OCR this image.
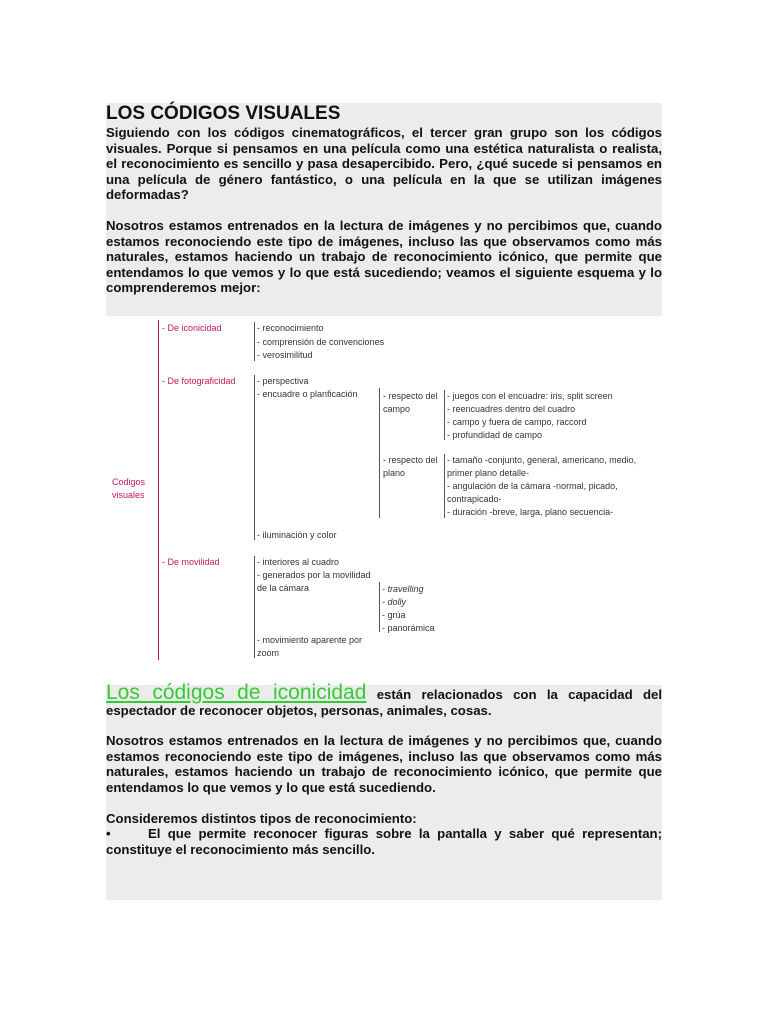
LOS CÓDIGOS VISUALES

Siguiendo con los códigos cinematográficos, el tercer gran grupo son los códigos visuales. Porque si pensamos en una película como una estética naturalista o realista, el reconocimiento es sencillo y pasa desapercibido. Pero, ¿qué sucede si pensamos en una película de género fantástico, o una película en la que se utilizan imágenes deformadas?

Nosotros estamos entrenados en la lectura de imágenes y no percibimos que, cuando estamos reconociendo este tipo de imágenes, incluso las que observamos como más naturales, estamos haciendo un trabajo de reconocimiento icónico, que permite que entendamos lo que vemos y lo que está sucediendo; veamos el siguiente esquema y lo comprenderemos mejor:

Codigos visuales
- De iconicidad	- reconocimiento
- comprensión de convenciones
- verosimilitud
- De fotograficidad - perspectiva
- encuadre o planficación	- respecto del campo
- juegos con el encuadre: iris, split screen
- reencuadres dentro del cuadro
- campo y fuera de campo, raccord
- profundidad de campo
- respecto del plano
- tamaño -conjunto, general, americano, medio, primer plano detalle-
- angulación de la cámara -normal, picado, contrapicado-
- duración -breve, larga, plano secuencia-
- iluminación y color
- De movilidad	- interiores al cuadro
- generados por la movilidad de la cámara	- travelling
- dolly
- grúa
- panorámica
- movimiento aparente por zoom

Los códigos de iconicidad están relacionados con la capacidad del espectador de reconocer objetos, personas, animales, cosas.

Nosotros estamos entrenados en la lectura de imágenes y no percibimos que, cuando estamos reconociendo este tipo de imágenes, incluso las que observamos como más naturales, estamos haciendo un trabajo de reconocimiento icónico, que permite que entendamos lo que vemos y lo que está sucediendo.

Consideremos distintos tipos de reconocimiento:

•	El que permite reconocer figuras sobre la pantalla y saber qué representan; constituye el reconocimiento más sencillo.
